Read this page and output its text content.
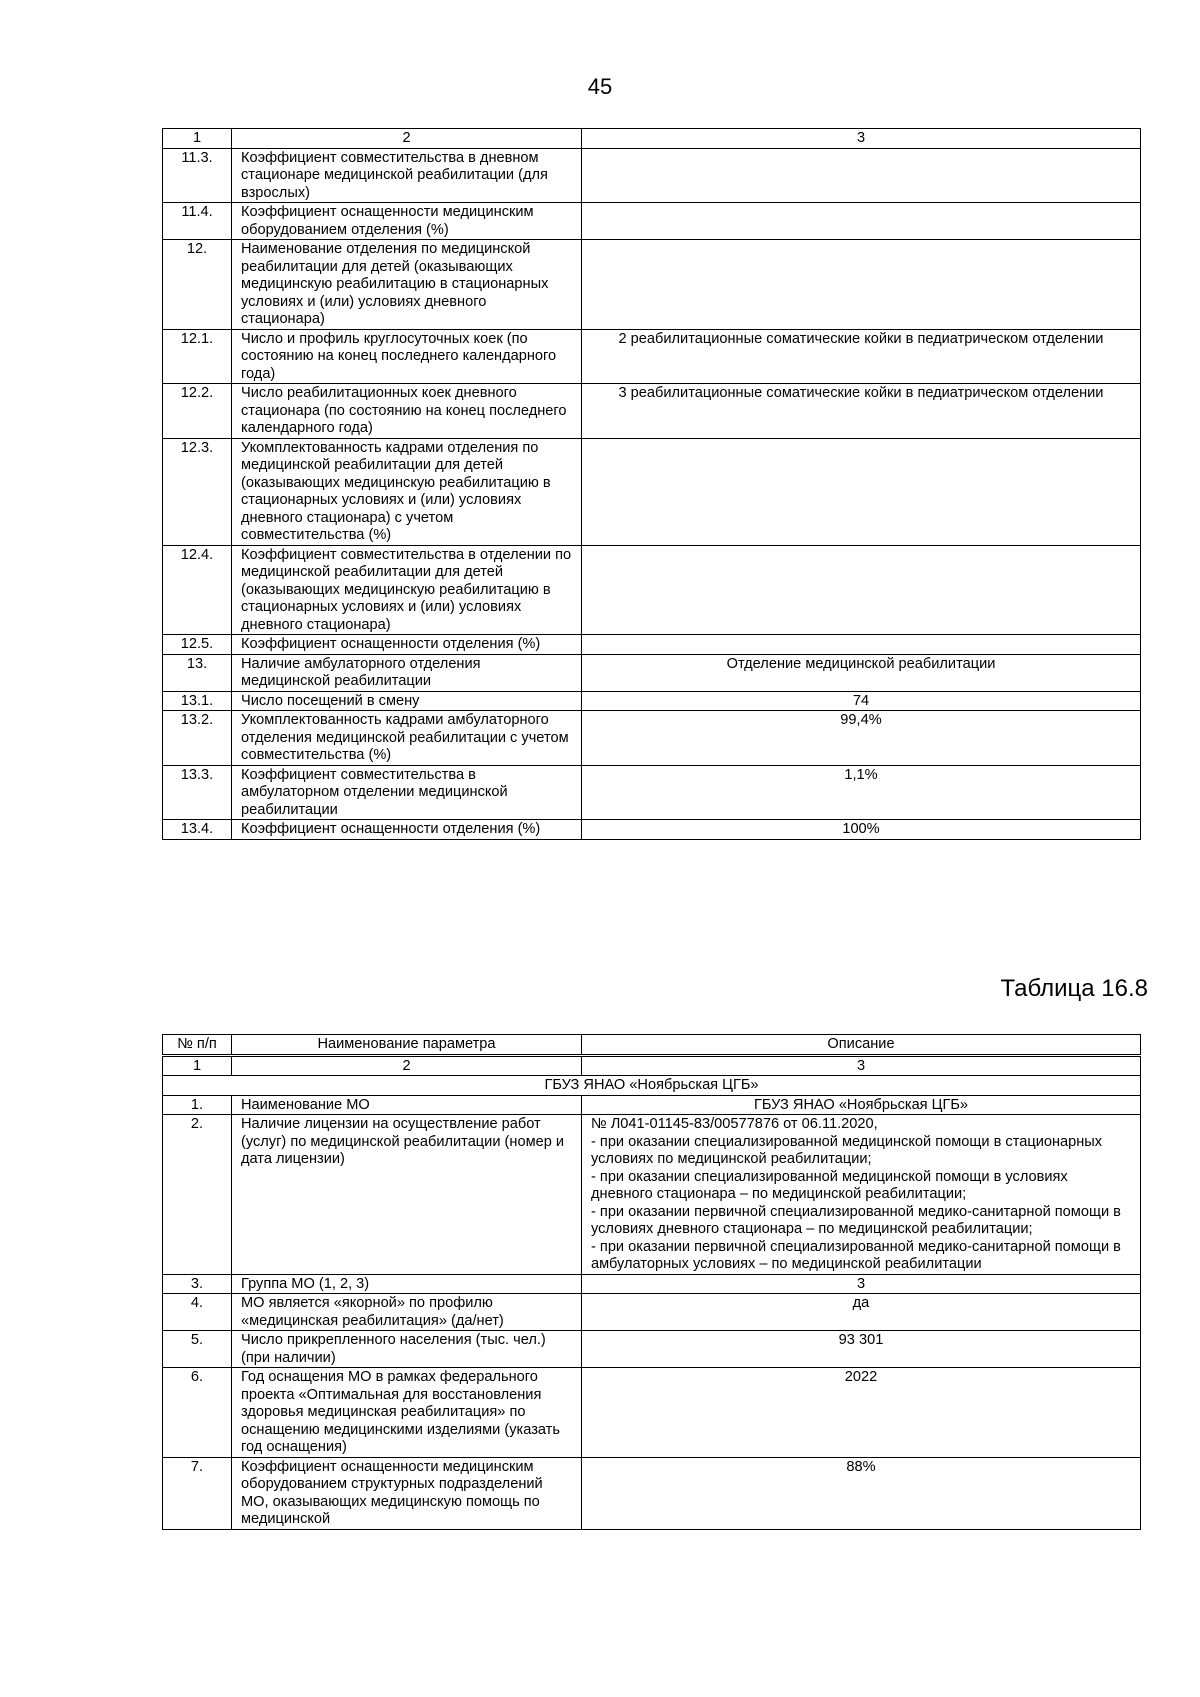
45
1	2	3
11.3.	Коэффициент совместительства в дневном стационаре медицинской реабилитации (для взрослых)	
11.4.	Коэффициент оснащенности медицинским оборудованием отделения (%)	
12.	Наименование отделения по медицинской реабилитации для детей (оказывающих медицинскую реабилитацию в стационарных условиях и (или) условиях дневного стационара)	
12.1.	Число и профиль круглосуточных коек (по состоянию на конец последнего календарного года)	2 реабилитационные соматические койки в педиатрическом отделении
12.2.	Число реабилитационных коек дневного стационара (по состоянию на конец последнего календарного года)	3 реабилитационные соматические койки в педиатрическом отделении
12.3.	Укомплектованность кадрами отделения по медицинской реабилитации для детей (оказывающих медицинскую реабилитацию в стационарных условиях и (или) условиях дневного стационара) с учетом совместительства (%)	
12.4.	Коэффициент совместительства в отделении по медицинской реабилитации для детей (оказывающих медицинскую реабилитацию в стационарных условиях и (или) условиях дневного стационара)	
12.5.	Коэффициент оснащенности отделения (%)	
13.	Наличие амбулаторного отделения медицинской реабилитации	Отделение медицинской реабилитации
13.1.	Число посещений в смену	74
13.2.	Укомплектованность кадрами амбулаторного отделения медицинской реабилитации с учетом совместительства (%)	99,4%
13.3.	Коэффициент совместительства в амбулаторном отделении медицинской реабилитации	1,1%
13.4.	Коэффициент оснащенности отделения (%)	100%
Таблица 16.8
№ п/п	Наименование параметра	Описание
1	2	3
ГБУЗ ЯНАО «Ноябрьская ЦГБ»		
1.	Наименование МО	ГБУЗ ЯНАО «Ноябрьская ЦГБ»
2.	Наличие лицензии на осуществление работ (услуг) по медицинской реабилитации (номер и дата лицензии)	№ Л041-01145-83/00577876 от 06.11.2020,
- при оказании специализированной медицинской помощи в стационарных условиях по медицинской реабилитации;
- при оказании специализированной медицинской помощи в условиях дневного стационара – по медицинской реабилитации;
- при оказании первичной специализированной медико-санитарной помощи в условиях дневного стационара – по медицинской реабилитации;
- при оказании первичной специализированной медико-санитарной помощи в амбулаторных условиях – по медицинской реабилитации

3.	Группа МО (1, 2, 3)	3
4.	МО является «якорной» по профилю «медицинская реабилитация» (да/нет)	да
5.	Число прикрепленного населения (тыс. чел.) (при наличии)	93 301
6.	Год оснащения МО в рамках федерального проекта «Оптимальная для восстановления здоровья медицинская реабилитация» по оснащению медицинскими изделиями (указать год оснащения)	2022
7.	Коэффициент оснащенности медицинским оборудованием структурных подразделений МО, оказывающих медицинскую помощь по медицинской	88%
